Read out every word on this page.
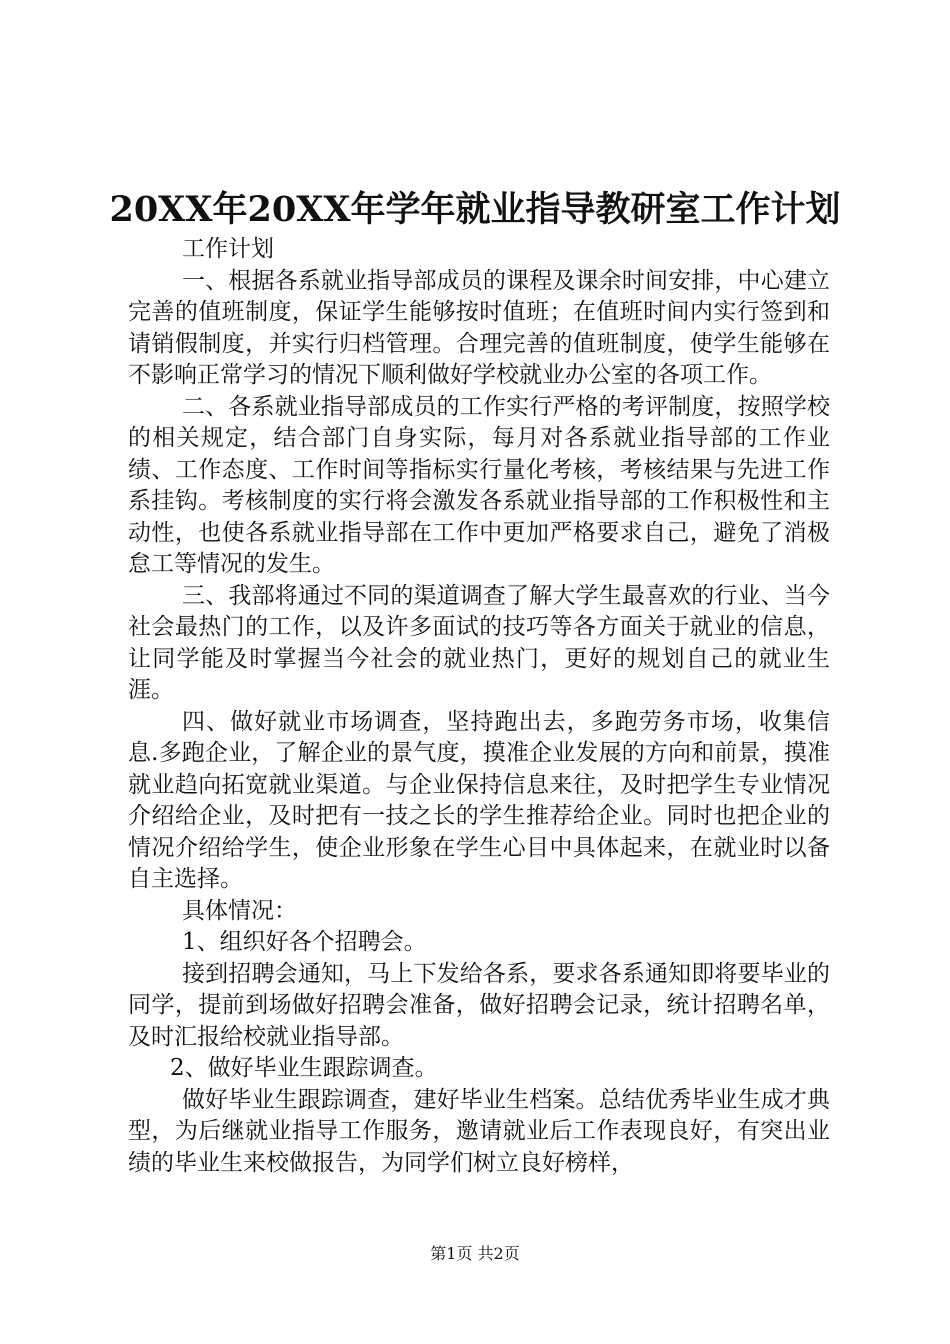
20XX年20XX年学年就业指导教研室工作计划

工作计划

一、根据各系就业指导部成员的课程及课余时间安排，中心建立完善的值班制度，保证学生能够按时值班；在值班时间内实行签到和请销假制度，并实行归档管理。合理完善的值班制度，使学生能够在不影响正常学习的情况下顺利做好学校就业办公室的各项工作。

二、各系就业指导部成员的工作实行严格的考评制度，按照学校的相关规定，结合部门自身实际，每月对各系就业指导部的工作业绩、工作态度、工作时间等指标实行量化考核，考核结果与先进工作系挂钩。考核制度的实行将会激发各系就业指导部的工作积极性和主动性，也使各系就业指导部在工作中更加严格要求自己，避免了消极怠工等情况的发生。

三、我部将通过不同的渠道调查了解大学生最喜欢的行业、当今社会最热门的工作，以及许多面试的技巧等各方面关于就业的信息，让同学能及时掌握当今社会的就业热门，更好的规划自己的就业生涯。

四、做好就业市场调查，坚持跑出去，多跑劳务市场，收集信息.多跑企业，了解企业的景气度，摸准企业发展的方向和前景，摸准就业趋向拓宽就业渠道。与企业保持信息来往，及时把学生专业情况介绍给企业，及时把有一技之长的学生推荐给企业。同时也把企业的情况介绍给学生，使企业形象在学生心目中具体起来，在就业时以备自主选择。

具体情况：

1、组织好各个招聘会。

接到招聘会通知，马上下发给各系，要求各系通知即将要毕业的同学，提前到场做好招聘会准备，做好招聘会记录，统计招聘名单，及时汇报给校就业指导部。

2、做好毕业生跟踪调查。

做好毕业生跟踪调查，建好毕业生档案。总结优秀毕业生成才典型，为后继就业指导工作服务，邀请就业后工作表现良好，有突出业绩的毕业生来校做报告，为同学们树立良好榜样，

第1页 共2页
